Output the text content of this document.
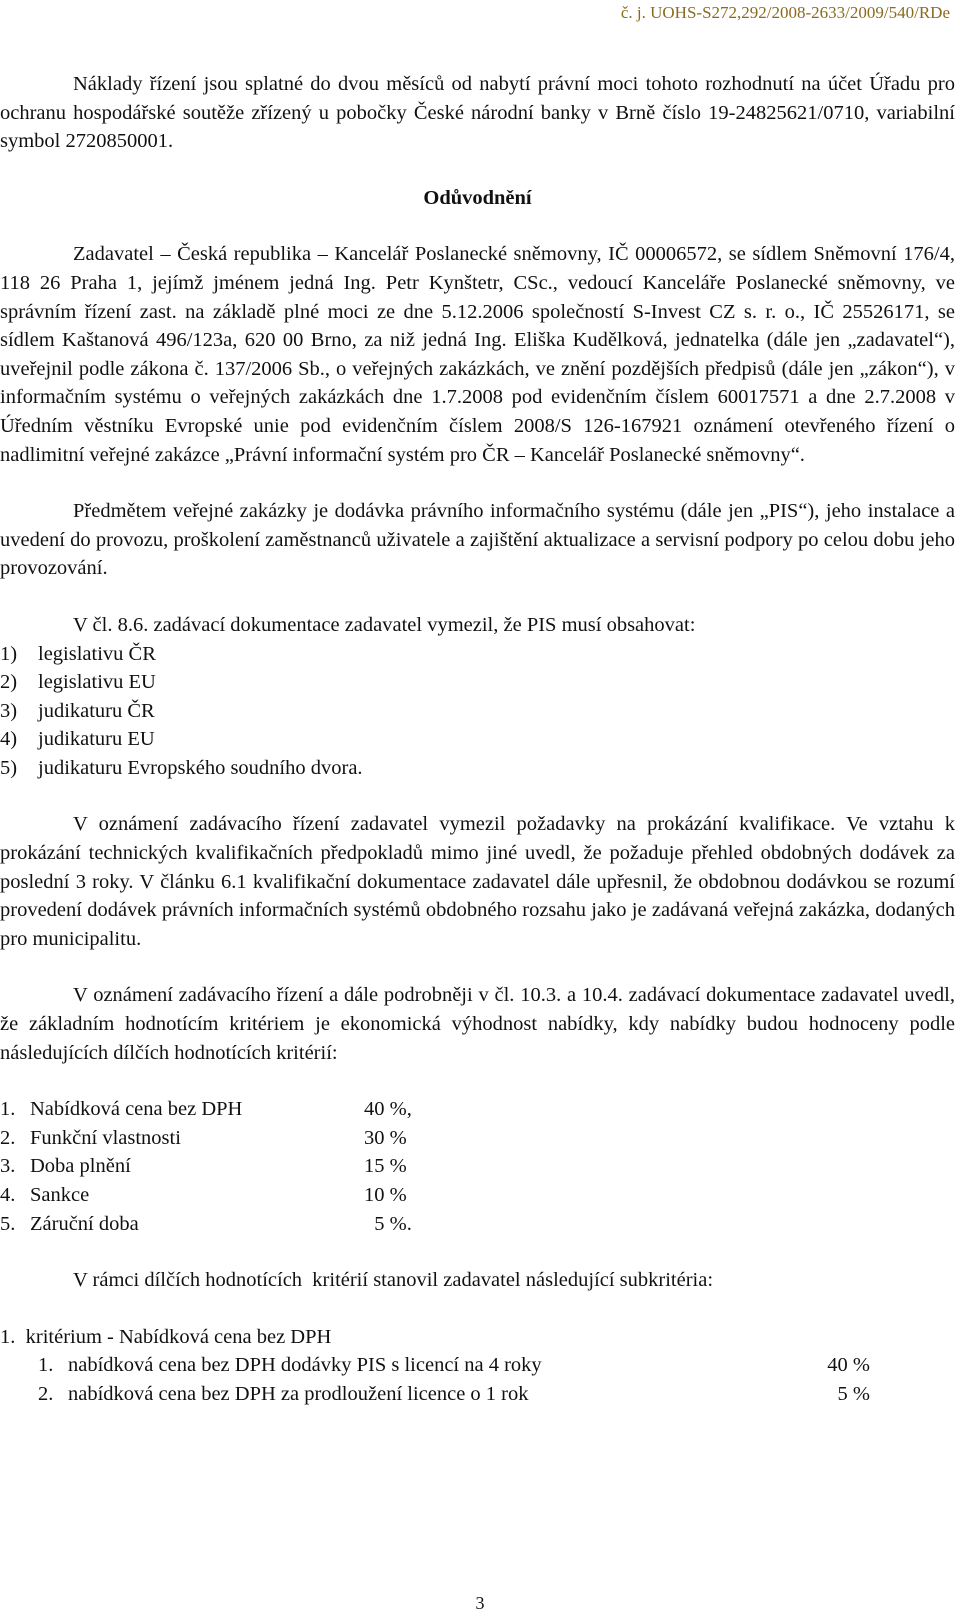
č. j. UOHS-S272,292/2008-2633/2009/540/RDe

Náklady řízení jsou splatné do dvou měsíců od nabytí právní moci tohoto rozhodnutí na účet Úřadu pro ochranu hospodářské soutěže zřízený u pobočky České národní banky v Brně číslo 19-24825621/0710, variabilní symbol 2720850001.

Odůvodnění

Zadavatel – Česká republika – Kancelář Poslanecké sněmovny, IČ 00006572, se sídlem Sněmovní 176/4, 118 26 Praha 1, jejímž jménem jedná Ing. Petr Kynštetr, CSc., vedoucí Kanceláře Poslanecké sněmovny, ve správním řízení zast. na základě plné moci ze dne 5.12.2006 společností S-Invest CZ s. r. o., IČ 25526171, se sídlem Kaštanová 496/123a, 620 00 Brno, za niž jedná Ing. Eliška Kudělková, jednatelka (dále jen „zadavatel“), uveřejnil podle zákona č. 137/2006 Sb., o veřejných zakázkách, ve znění pozdějších předpisů (dále jen „zákon“), v informačním systému o veřejných zakázkách dne 1.7.2008 pod evidenčním číslem 60017571 a dne 2.7.2008 v Úředním věstníku Evropské unie pod evidenčním číslem 2008/S 126-167921 oznámení otevřeného řízení o nadlimitní veřejné zakázce „Právní informační systém pro ČR – Kancelář Poslanecké sněmovny“.

Předmětem veřejné zakázky je dodávka právního informačního systému (dále jen „PIS“), jeho instalace a uvedení do provozu, proškolení zaměstnanců uživatele a zajištění aktualizace a servisní podpory po celou dobu jeho provozování.

V čl. 8.6. zadávací dokumentace zadavatel vymezil, že PIS musí obsahovat:

1)	legislativu ČR
2)	legislativu EU
3)	judikaturu ČR
4)	judikaturu EU
5)	judikaturu Evropského soudního dvora.

V oznámení zadávacího řízení zadavatel vymezil požadavky na prokázání kvalifikace. Ve vztahu k prokázání technických kvalifikačních předpokladů mimo jiné uvedl, že požaduje přehled obdobných dodávek za poslední 3 roky. V článku 6.1 kvalifikační dokumentace zadavatel dále upřesnil, že obdobnou dodávkou se rozumí provedení dodávek právních informačních systémů obdobného rozsahu jako je zadávaná veřejná zakázka, dodaných pro municipalitu.

V oznámení zadávacího řízení a dále podrobněji v čl. 10.3. a 10.4. zadávací dokumentace zadavatel uvedl, že základním hodnotícím kritériem je ekonomická výhodnost nabídky, kdy nabídky budou hodnoceny podle následujících dílčích hodnotících kritérií:

1. Nabídková cena bez DPH	40 %,
2. Funkční vlastnosti	30 %
3. Doba plnění	15 %
4. Sankce	10 %
5. Záruční doba	5 %.

V rámci dílčích hodnotících  kritérií stanovil zadavatel následující subkritéria:

1.  kritérium - Nabídková cena bez DPH

1. nabídková cena bez DPH dodávky PIS s licencí na 4 roky	40 %
2. nabídková cena bez DPH za prodloužení licence o 1 rok	5 %
3
